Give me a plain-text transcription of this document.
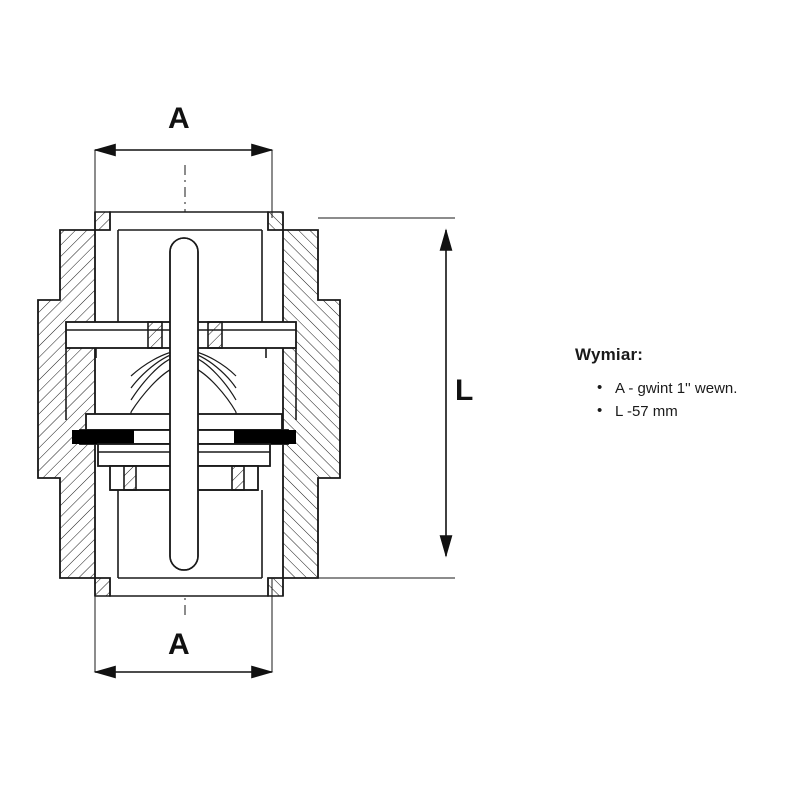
A
A
L
Wymiar:
• A - gwint 1'' wewn.
• L -57 mm
